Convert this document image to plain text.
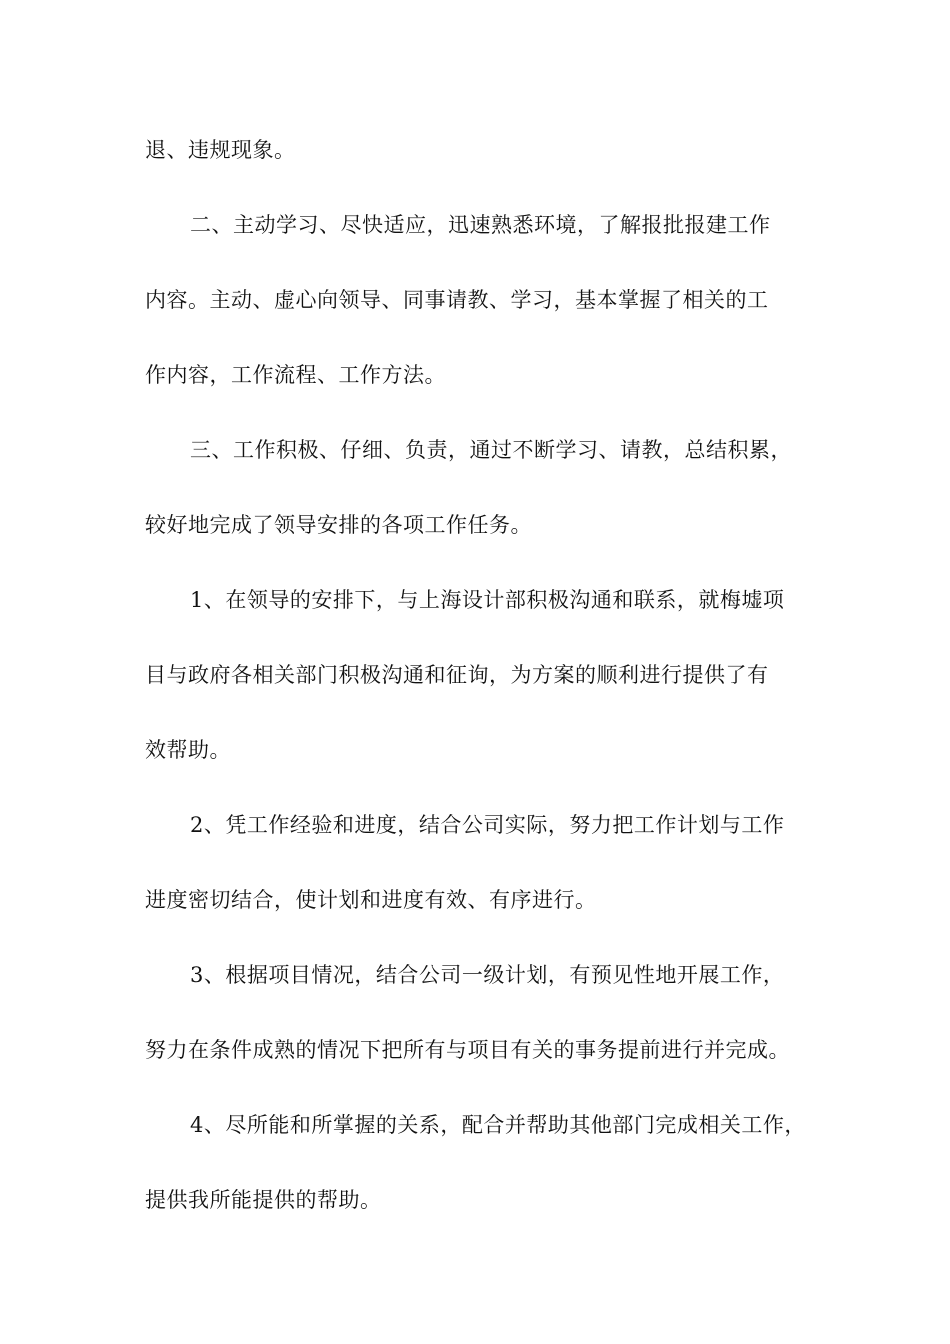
退、违规现象。
二、主动学习、尽快适应，迅速熟悉环境，了解报批报建工作
内容。主动、虚心向领导、同事请教、学习，基本掌握了相关的工
作内容，工作流程、工作方法。
三、工作积极、仔细、负责，通过不断学习、请教，总结积累，
较好地完成了领导安排的各项工作任务。
1、在领导的安排下，与上海设计部积极沟通和联系，就梅墟项
目与政府各相关部门积极沟通和征询，为方案的顺利进行提供了有
效帮助。
2、凭工作经验和进度，结合公司实际，努力把工作计划与工作
进度密切结合，使计划和进度有效、有序进行。
3、根据项目情况，结合公司一级计划，有预见性地开展工作，
努力在条件成熟的情况下把所有与项目有关的事务提前进行并完成。
4、尽所能和所掌握的关系，配合并帮助其他部门完成相关工作，
提供我所能提供的帮助。
